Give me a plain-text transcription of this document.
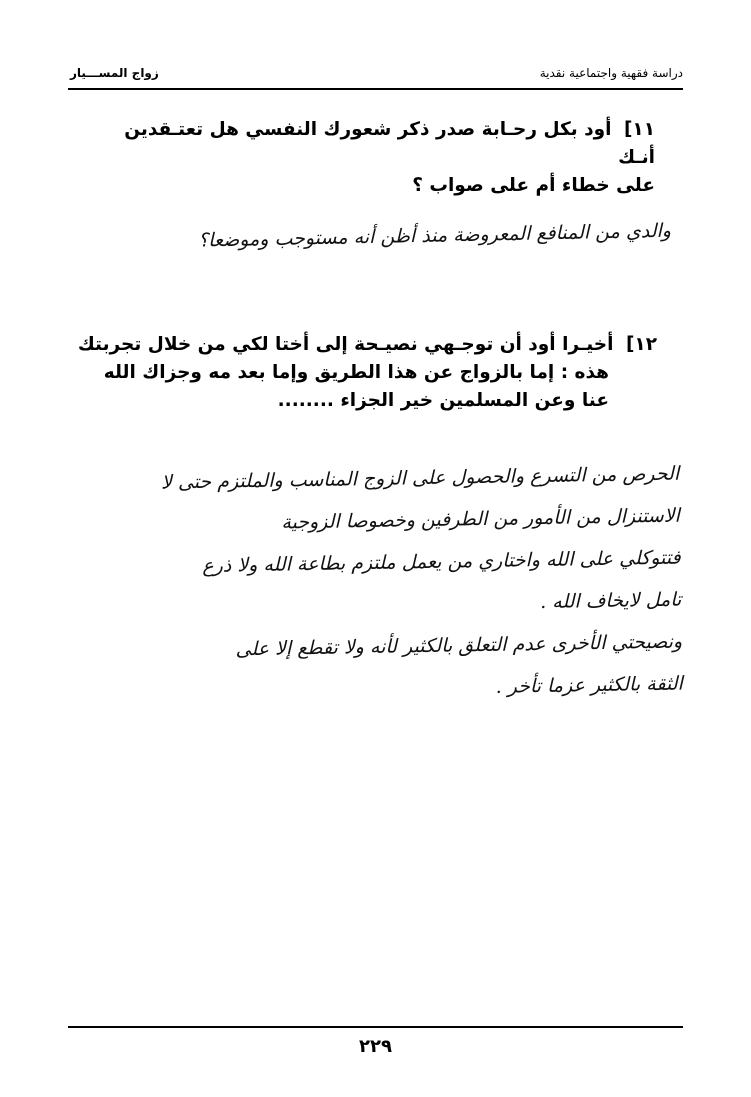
دراسة فقهية واجتماعية نقدية
زواج المســـيار
١١] أود بكل رحـابة صدر ذكر شعورك النفسي هل تعتـقدين أنـك
على خطاء أم على صواب ؟
والدي من المنافع المعروضة منذ أظن أنه مستوجب وموضعا؟
١٢] أخيـرا أود أن توجـهي نصيـحة إلى أختا لكي من خلال تجربتك
هذه : إما بالزواج عن هذا الطريق وإما بعد مه وجزاك الله
عنا وعن المسلمين خير الجزاء ........
الحرص من التسرع والحصول على الزوج المناسب والملتزم حتى لا
الاستنزال من الأمور من الطرفين وخصوصا الزوجية
فتتوكلي على الله واختاري من يعمل ملتزم بطاعة الله ولا ذرع
تامل لايخاف الله .
ونصيحتي الأخرى عدم التعلق بالكثير لأنه ولا تقطع إلا على
الثقة بالكثير عزما تأخر .
٢٢٩
